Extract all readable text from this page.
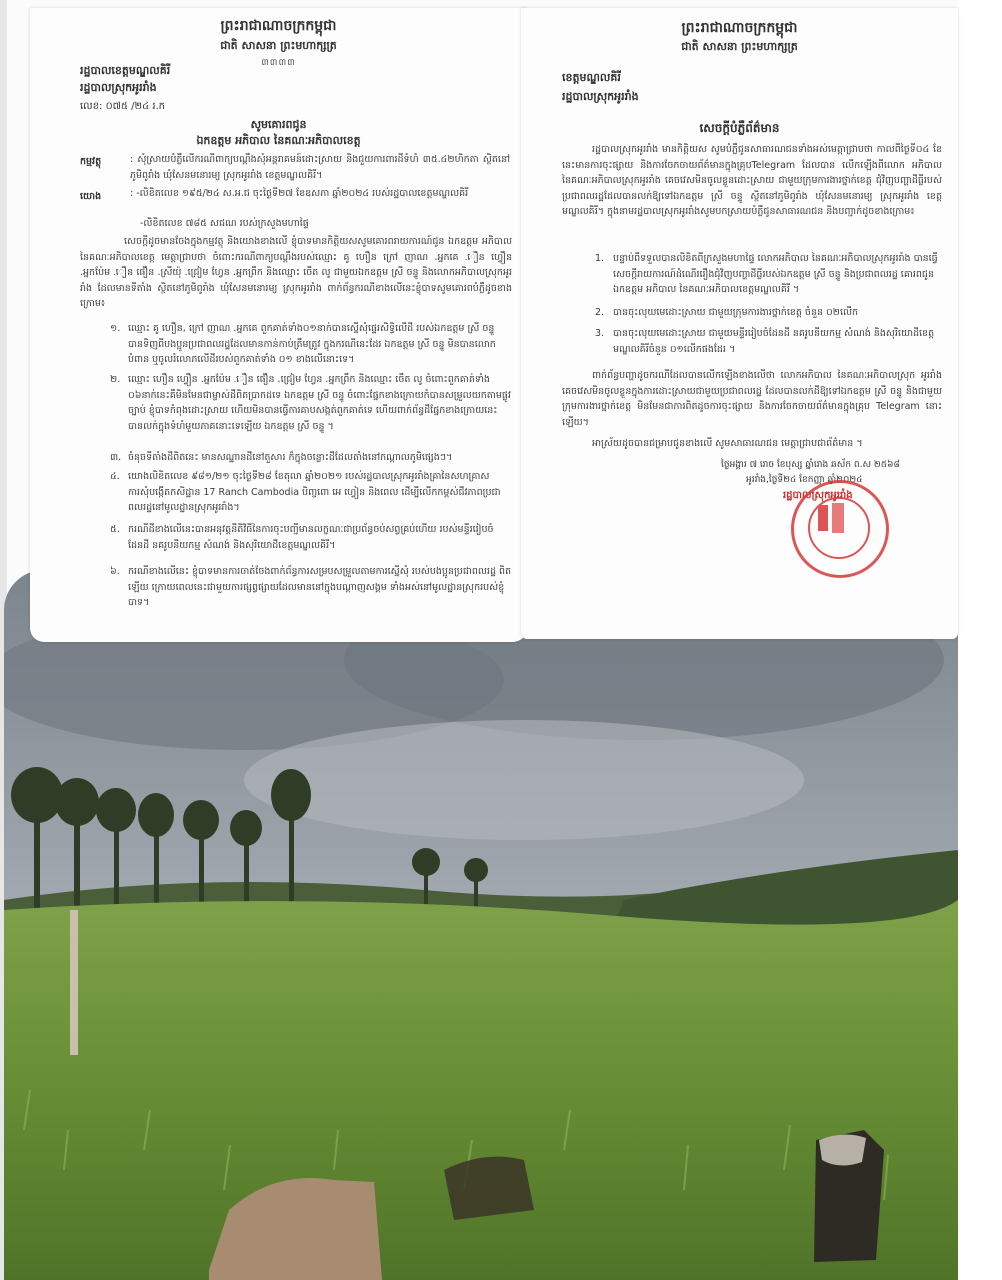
ព្រះរាជាណាចក្រកម្ពុជា
ជាតិ សាសនា ព្រះមហាក្សត្រ
៣៣៣៣
រដ្ឋបាលខេត្តមណ្ឌលគិរី
រដ្ឋបាលស្រុកអូររាំង
លេខ: ០៧៥ /២៤ រ.ក
សូមគោរពជូន
ឯកឧត្តម អភិបាល នៃគណៈអភិបាលខេត្ត
កម្មវត្ថុ	: សុំស្រាយបំភ្លឺលើករណីពាក្យបណ្ដឹងសុំអន្តរាគមន៍ដោះស្រាយ និងជួយការពារដីទំហំ ៣៥.៤២ហិកតា ស្ថិតនៅភូមិពូរាំង ឃុំសែនមនោរម្យ ស្រុកអូររាំង ខេត្តមណ្ឌលគិរី។
យោង	: -លិខិតលេខ ១៩៥/២៤ ស.អ.ជ ចុះថ្ងៃទី២៧ ខែឧសភា ឆ្នាំ២០២៤ របស់រដ្ឋបាលខេត្តមណ្ឌលគិរី
-លិខិតលេខ ៧៨៥ សជណ របស់ក្រសួងមហាផ្ទៃ
សេចក្ដីដូចមានចែងក្នុងកម្មវត្ថុ និងយោងខាងលើ ខ្ញុំបាទមានកិត្តិយសសូមគោរពរាយការណ៍ជូន ឯកឧត្តម អភិបាល នៃគណៈអភិបាលខេត្ត មេត្តាជ្រាបថា ចំពោះករណីពាក្យបណ្ដឹងរបស់ឈ្មោះ គូ ហឿន ក្រៅ ញាណ .អ្នកគេ .ឿន ហ្វឿន .អ្នកប៉ែម .ឿន ផឿន .ស្រីយ៉ុ .ជ្រៀម ហ្វែន .អ្នកព្រឹក និងឈ្មោះ ចេឹត លូ ជាមួយឯកឧត្តម ស្រី ចន្ទូ និងលោកអភិបាលស្រុកអូររាំង ដែលមានទីតាំង ស្ថិតនៅភូមិពូរាំង ឃុំសែនមនោរម្យ ស្រុកអូររាំង ពាក់ព័ន្ធករណីខាងលើនេះខ្ញុំបាទសូមគោរពបំភ្លឺដូចខាងក្រោម៖
១. ឈ្មោះ គូ ហឿន, ក្រៅ ញាណ .អ្នកគេ ពួកគាត់ទាំង០១នាក់បានស្នើសុំផ្ទេរសិទ្ធិលើដី របស់ឯកឧត្តម ស្រី ចន្ទូ បានទិញពីបងប្អូនប្រជាពលរដ្ឋដែលមានកាន់កាប់ត្រឹមត្រូវ ក្នុងករណីនេះដែរ ឯកឧត្តម ស្រី ចន្ទូ មិនបានលោកបំពាន ឬចូលរំលោភលើដីរបស់ពួកគាត់ទាំង ០១ ខាងលើនោះទេ។
២. ឈ្មោះ ហឿន ហ្វឿន .អ្នកប៉ែម .ឿន ផឿន .ជ្រៀម ហ្វែន .អ្នកព្រឹក និងឈ្មោះ ចេឹត លូ ចំពោះពួកគាត់ទាំង ០៦នាក់នេះគឺមិនមែនជាម្ចាស់ដីពិតប្រាកដទេ ឯកឧត្តម ស្រី ចន្ទូ ចំពោះផ្នែកខាងក្រោយកំបានសម្រួលយកតាមផ្លូវច្បាប់ ខ្ញុំបាទកំពុងដោះស្រាយ ហើយមិនបានធ្វើការគាបសង្កត់ពួកគាត់ទេ ហើយពាក់ព័ន្ធដីផ្នែកខាងក្រោយនេះបានលក់ក្នុងទំហំមួយភាគនោះទេឡើយ ឯកឧត្តម ស្រី ចន្ទូ ។
៣. ចំនុចទីតាំងដីពិតនេះ មានសណ្ឋានដីនៅតួសារ ក៏ក្នុងចន្លោះដីដែលតាំងនៅកណ្ដាលភូមិផ្សេងៗ។
៤. យោងលិខិតលេខ ៩៨១/២១ ចុះថ្ងៃទី២៨ ខែតុលា ឆ្នាំ២០២១ របស់រដ្ឋបាលស្រុកអូររាំងគ្រានៃសហគ្រាស ការសុំបង្កើតកសិដ្ឋាន 17 Ranch Cambodia បិញ្ចពោ អេ ហ្វៀន និងពេល ដើម្បីលើកកម្ពស់ជីវភាពប្រជាពលរដ្ឋនៅមូលដ្ឋានស្រុកអូររាំង។
៥. ករណីដីខាងលើនេះបានអនុវត្តនីតិវិធីនៃការចុះបញ្ជីមានលក្ខណៈជាប្រព័ន្ធចប់សព្វគ្រប់ហើយ របស់មន្ទីររៀបចំដែនដី នគរូបនីយកម្ម សំណង់ និងសុរិយោដីខេត្តមណ្ឌលគិរី។
៦. ករណីខាងលើនេះ ខ្ញុំបាទមានការចាត់ចែងពាក់ព័ន្ធការសម្របសម្រួលតាមការស្នើសុំ របស់បងប្អូនប្រជាពលរដ្ឋ ពិតឡើយ ក្រោយពេលនេះជាមួយការផ្សព្វផ្សាយដែលមាននៅក្នុងបណ្ដាញសង្គម ទាំងអស់នៅមូលដ្ឋានស្រុករបស់ខ្ញុំបាទ។
ព្រះរាជាណាចក្រកម្ពុជា
ជាតិ សាសនា ព្រះមហាក្សត្រ
ខេត្តមណ្ឌលគិរី
រដ្ឋបាលស្រុកអូររាំង
សេចក្ដីបំភ្លឺព័ត៌មាន
រដ្ឋបាលស្រុកអូររាំង មានកិត្តិយស សូមបំភ្លឺជូនសាធារណជនទាំងអស់មេត្តាជ្រាបថា កាលពីថ្ងៃទី០៤ ខែនេះមានការចុះផ្សាយ និងការចែកចាយព័ត៌មានក្នុងគ្រុបTelegram ដែលបាន លើកឡើងពីលោក អភិបាល នៃគណៈអភិបាលស្រុកអូររាំង គេចវេសមិនចូលខ្លួនដោះស្រាយ ជាមួយក្រុមការងារថ្នាក់ខេត្ត ជុំវិញបញ្ហាដីធ្លីរបស់ប្រជាពលរដ្ឋដែលបានលក់ឱ្យទៅឯកឧត្តម ស្រី ចន្ទូ ស្ថិតនៅភូមិពូរាំង ឃុំសែនមនោរម្យ ស្រុកអូររាំង ខេត្តមណ្ឌលគិរី។ ក្នុងនាមរដ្ឋបាលស្រុកអូររាំងសូមបកស្រាយបំភ្លឺជូនសាធារណជន និងបញ្ជាក់ដូចខាងក្រោម៖
1. បន្ទាប់ពីទទួលបានលិខិតពីក្រសួងមហាផ្ទៃ លោកអភិបាល នៃគណៈអភិបាលស្រុកអូររាំង បានធ្វើសេចក្ដីរាយការណ៍ដំណើររឿងជុំវិញបញ្ហាដីធ្លីរបស់ឯកឧត្តម ស្រី ចន្ទូ និងប្រជាពលរដ្ឋ គោរពជូន ឯកឧត្តម អភិបាល នៃគណៈអភិបាលខេត្តមណ្ឌលគិរី ។
2. បានចុះលុយមេដោះស្រាយ ជាមួយក្រុមការងារថ្នាក់ខេត្ត ចំនួន ០២លើក
3. បានចុះលុយមេដោះស្រាយ ជាមួយមន្ទីររៀបចំដែនដី នគរូបនីយកម្ម សំណង់ និងសុរិយោដីខេត្តមណ្ឌលគិរីចំនួន ០១លើកផងដែរ ។
ពាក់ព័ន្ធបញ្ហាដូចករណីដែលបានលើកឡើងខាងលើថា លោកអភិបាល នៃគណៈអភិបាលស្រុក អូររាំង គេចវេសមិនចូលខ្លួនក្នុងការដោះស្រាយជាមួយប្រជាពលរដ្ឋ ដែលបានលក់ដីឱ្យទៅឯកឧត្តម ស្រី ចន្ទូ និងជាមួយក្រុមការងារថ្នាក់ខេត្ត មិនមែនជាការពិតដូចការចុះផ្សាយ និងការចែកចាយព័ត៌មានក្នុងគ្រុប Telegram នោះឡើយ។
អាស្រ័យដូចបានជម្រាបជូនខាងលើ សូមសាធារណជន មេត្តាជ្រាបជាព័ត៌មាន ។
ថ្ងៃអង្គារ ៧ រោច ខែបុស្ស ឆ្នាំរោង ឆស័ក ព.ស ២៥៦៨
អូររាំង,ថ្ងៃទី២៤ ខែកញ្ញា ឆ្នាំ២០២៤
រដ្ឋបាលស្រុកអូររាំង
